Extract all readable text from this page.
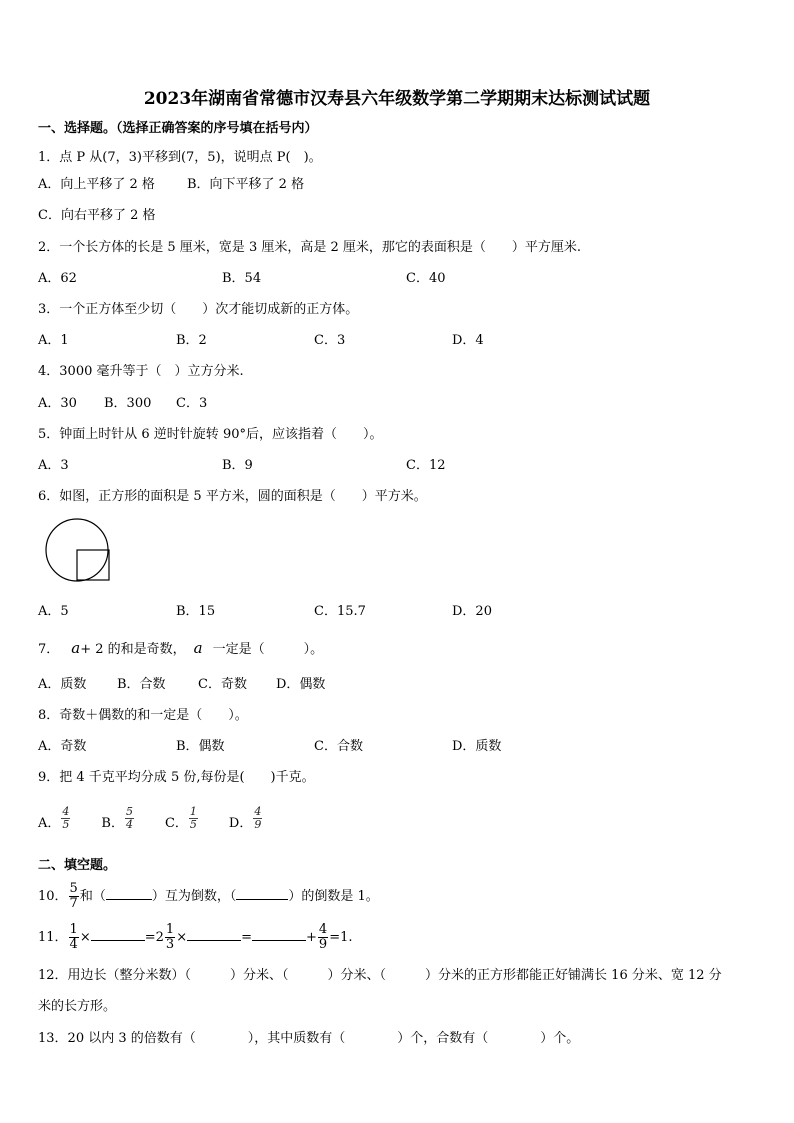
2023年湖南省常德市汉寿县六年级数学第二学期期末达标测试试题
一、选择题。（选择正确答案的序号填在括号内）
1．点 P 从(7，3)平移到(7，5)，说明点 P(　)。
A．向上平移了 2 格 B．向下平移了 2 格
C．向右平移了 2 格
2．一个长方体的长是 5 厘米，宽是 3 厘米，高是 2 厘米，那它的表面积是（　　）平方厘米.
A．62	B．54	C．40
3．一个正方体至少切（　　）次才能切成新的正方体。
A．1	B．2	C．3	D．4
4．3000 毫升等于（　）立方分米.
A．30 B．300 C．3
5．钟面上时针从 6 逆时针旋转 90°后，应该指着（　　）。
A．3	B．9	C．12
6．如图，正方形的面积是 5 平方米，圆的面积是（　　）平方米。
A．5	B．15	C．15.7	D．20
7． a+ 2 的和是奇数， a 一定是（　　　）。
A．质数 B．合数 C．奇数 D．偶数
8．奇数＋偶数的和一定是（　　）。
A．奇数	B．偶数	C．合数	D．质数
9．把 4 千克平均分成 5 份,每份是(　　)千克。
A． $\frac{4}{5}$ B． $\frac{5}{4}$ C． $\frac{1}{5}$ D． $\frac{4}{9}$
二、填空题。
10． $\frac{5}{7}$ 和（	）互为倒数，（	）的倒数是 1。
11． $\frac{1}{4}$ ×	$=2 \frac{1}{3}$ ×	=	+ $\frac{4}{9} =1$.
12．用边长（整分米数）（　　　）分米、（　　　）分米、（　　　）分米的正方形都能正好铺满长 16 分米、宽 12 分
米的长方形。
13．20 以内 3 的倍数有（　　　　），其中质数有（　　　　）个，合数有（　　　　）个。
